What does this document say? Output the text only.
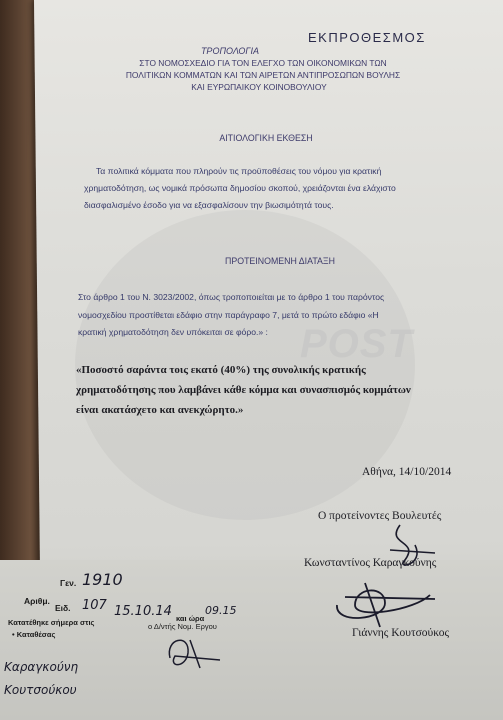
POST
ΕΚΠΡΟΘΕΣΜΟΣ
ΤΡΟΠΟΛΟΓΙΑ
ΣΤΟ ΝΟΜΟΣΧΕΔΙΟ ΓΙΑ ΤΟΝ ΕΛΕΓΧΟ ΤΩΝ ΟΙΚΟΝΟΜΙΚΩΝ ΤΩΝ
ΠΟΛΙΤΙΚΩΝ ΚΟΜΜΑΤΩΝ ΚΑΙ ΤΩΝ ΑΙΡΕΤΩΝ ΑΝΤΙΠΡΟΣΩΠΩΝ ΒΟΥΛΗΣ
ΚΑΙ ΕΥΡΩΠΑΙΚΟΥ ΚΟΙΝΟΒΟΥΛΙΟΥ
ΑΙΤΙΟΛΟΓΙΚΗ ΕΚΘΕΣΗ
Τα πολιτικά κόμματα που πληρούν τις προϋποθέσεις του νόμου για κρατική
χρηματοδότηση, ως νομικά πρόσωπα δημοσίου σκοπού, χρειάζονται ένα ελάχιστο
διασφαλισμένο έσοδο για να εξασφαλίσουν την βιωσιμότητά τους.
ΠΡΟΤΕΙΝΟΜΕΝΗ ΔΙΑΤΑΞΗ
Στο άρθρο 1 του Ν. 3023/2002, όπως τροποποιείται με το άρθρο 1 του παρόντος
νομοσχεδίου προστίθεται εδάφιο στην παράγραφο 7, μετά το πρώτο εδάφιο «Η
κρατική χρηματοδότηση δεν υπόκειται σε φόρο.» :
«Ποσοστό σαράντα τοις εκατό (40%) της συνολικής κρατικής
χρηματοδότησης που λαμβάνει κάθε κόμμα και συνασπισμός κομμάτων
είναι ακατάσχετο και ανεκχώρητο.»
Αθήνα, 14/10/2014
Ο προτείνοντες Βουλευτές
Κωνσταντίνος Καραγκούνης
Γιάννης Κουτσούκος
Αριθμ.
Γεν. 1910
Ειδ. 107
Κατατέθηκε σήμερα στις
15.10.14 και ώρα
09.15
• Καταθέσας
ο Δ/ντής Νομ. Εργου
Καραγκούνη
Κουτσούκου
